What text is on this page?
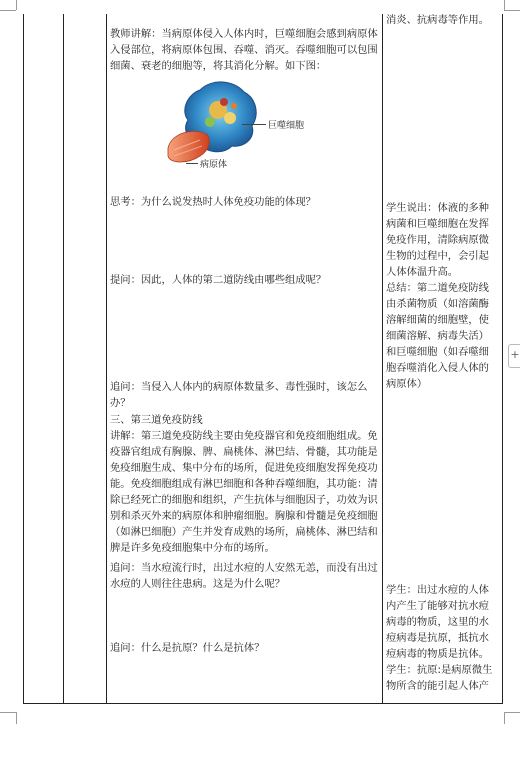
教师讲解：当病原体侵入人体内时，巨噬细胞会感到病原体入侵部位，将病原体包围、吞噬、消灭。吞噬细胞可以包围细菌、衰老的细胞等，将其消化分解。如下图：

巨噬细胞
病原体

思考：为什么说发热时人体免疫功能的体现？

提问：因此，人体的第二道防线由哪些组成呢？

追问：当侵入人体内的病原体数量多、毒性强时，该怎么办？

三、第三道免疫防线

讲解：第三道免疫防线主要由免疫器官和免疫细胞组成。免疫器官组成有胸腺、脾、扁桃体、淋巴结、骨髓，其功能是免疫细胞生成、集中分布的场所，促进免疫细胞发挥免疫功能。免疫细胞组成有淋巴细胞和各种吞噬细胞，其功能：清除已经死亡的细胞和组织，产生抗体与细胞因子，功效为识别和杀灭外来的病原体和肿瘤细胞。胸腺和骨髓是免疫细胞（如淋巴细胞）产生并发育成熟的场所，扁桃体、淋巴结和脾是许多免疫细胞集中分布的场所。

追问：当水痘流行时，出过水痘的人安然无恙，而没有出过水痘的人则往往患病。这是为什么呢？

追问：什么是抗原？什么是抗体？

消炎、抗病毒等作用。

学生说出：体液的多种病菌和巨噬细胞在发挥免疫作用，清除病原微生物的过程中，会引起人体体温升高。

总结：第二道免疫防线由杀菌物质（如溶菌酶溶解细菌的细胞壁，使细菌溶解、病毒失活）和巨噬细胞（如吞噬细胞吞噬消化入侵人体的病原体）

学生：出过水痘的人体内产生了能够对抗水痘病毒的物质，这里的水痘病毒是抗原，抵抗水痘病毒的物质是抗体。

学生：抗原:是病原微生物所含的能引起人体产

+
